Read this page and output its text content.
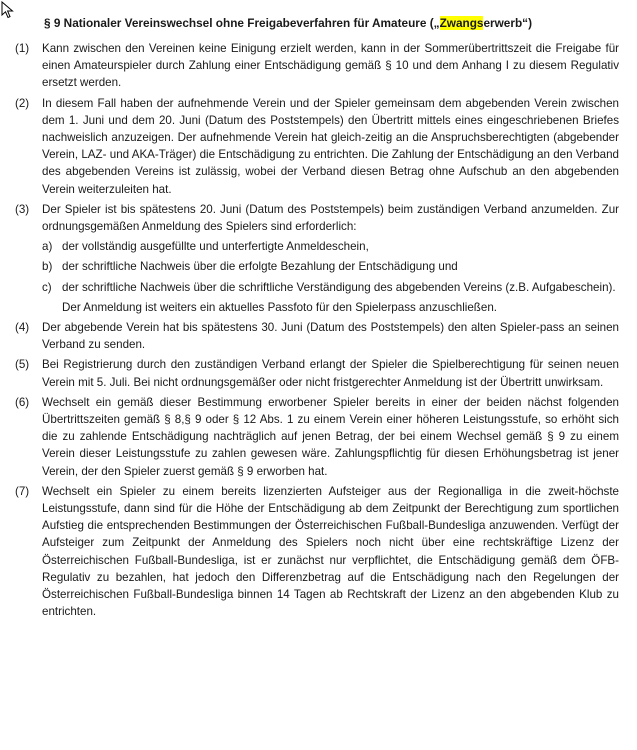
§ 9 Nationaler Vereinswechsel ohne Freigabeverfahren für Amateure („Zwangserwerb“)
(1)	Kann zwischen den Vereinen keine Einigung erzielt werden, kann in der Sommerübertrittszeit die Freigabe für einen Amateurspieler durch Zahlung einer Entschädigung gemäß § 10 und dem Anhang I zu diesem Regulativ ersetzt werden.
(2)	In diesem Fall haben der aufnehmende Verein und der Spieler gemeinsam dem abgebenden Verein zwischen dem 1. Juni und dem 20. Juni (Datum des Poststempels) den Übertritt mittels eines eingeschriebenen Briefes nachweislich anzuzeigen. Der aufnehmende Verein hat gleich-zeitig an die Anspruchsberechtigten (abgebender Verein, LAZ- und AKA-Träger) die Entschädigung zu entrichten. Die Zahlung der Entschädigung an den Verband des abgebenden Vereins ist zulässig, wobei der Verband diesen Betrag ohne Aufschub an den abgebenden Verein weiterzuleiten hat.
(3)	Der Spieler ist bis spätestens 20. Juni (Datum des Poststempels) beim zuständigen Verband anzumelden. Zur ordnungsgemäßen Anmeldung des Spielers sind erforderlich:
a) der vollständig ausgefüllte und unterfertigte Anmeldeschein,
b) der schriftliche Nachweis über die erfolgte Bezahlung der Entschädigung und
c) der schriftliche Nachweis über die schriftliche Verständigung des abgebenden Vereins (z.B. Aufgabeschein).
Der Anmeldung ist weiters ein aktuelles Passfoto für den Spielerpass anzuschließen.
(4)	Der abgebende Verein hat bis spätestens 30. Juni (Datum des Poststempels) den alten Spieler-pass an seinen Verband zu senden.
(5)	Bei Registrierung durch den zuständigen Verband erlangt der Spieler die Spielberechtigung für seinen neuen Verein mit 5. Juli. Bei nicht ordnungsgemäßer oder nicht fristgerechter Anmeldung ist der Übertritt unwirksam.
(6)	Wechselt ein gemäß dieser Bestimmung erworbener Spieler bereits in einer der beiden nächst folgenden Übertrittszeiten gemäß § 8,§ 9 oder § 12 Abs. 1 zu einem Verein einer höheren Leistungsstufe, so erhöht sich die zu zahlende Entschädigung nachträglich auf jenen Betrag, der bei einem Wechsel gemäß § 9 zu einem Verein dieser Leistungsstufe zu zahlen gewesen wäre. Zahlungspflichtig für diesen Erhöhungsbetrag ist jener Verein, der den Spieler zuerst gemäß § 9 erworben hat.
(7)	Wechselt ein Spieler zu einem bereits lizenzierten Aufsteiger aus der Regionalliga in die zweit-höchste Leistungsstufe, dann sind für die Höhe der Entschädigung ab dem Zeitpunkt der Berechtigung zum sportlichen Aufstieg die entsprechenden Bestimmungen der Österreichischen Fußball-Bundesliga anzuwenden. Verfügt der Aufsteiger zum Zeitpunkt der Anmeldung des Spielers noch nicht über eine rechtskräftige Lizenz der Österreichischen Fußball-Bundesliga, ist er zunächst nur verpflichtet, die Entschädigung gemäß dem ÖFB-Regulativ zu bezahlen, hat jedoch den Differenzbetrag auf die Entschädigung nach den Regelungen der Österreichischen Fußball-Bundesliga binnen 14 Tagen ab Rechtskraft der Lizenz an den abgebenden Klub zu entrichten.
